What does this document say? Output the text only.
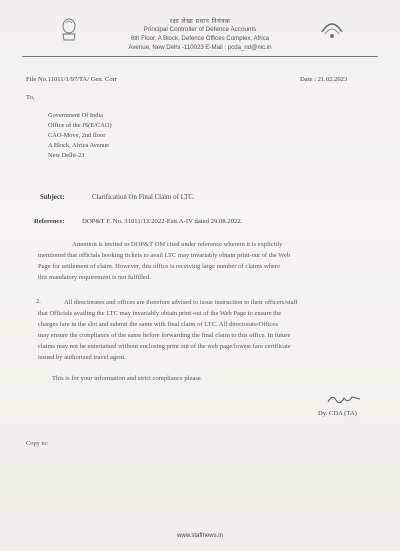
रक्षा लेखा प्रधान नियंत्रक
Principal Controller of Defence Accounts
6th Floor, A Block, Defence Offices Complex, Africa
Avenue, New Delhi -110023 E-Mail : pcda_nd@nic.in
File No.11011/1/97/TA/ Gen. Corr	Date : 21.02.2023
To,
Government Of India
Office of the JS(E/CAO)
CAO-Move, 2nd floor
A Block, Africa Avenue
New Delhi-23
Subject:	Clarification On Final Claim of LTC.
Reference:	DOP&T F. No. 31011/13/2022-Estt.A-IV dated 29.08.2022.
Attention is invited to DOP&T OM cited under reference wherein it is explicitly
mentioned that officials booking tickets to avail LTC may invariably obtain print-out of the Web
Page for settlement of claim. However, this office is receiving large number of claims where
this mandatory requirement is not fulfilled.
2.	All directorates and offices are therefore advised to issue instruction to their officers/staff
that Officials availing the LTC may invariably obtain print-out of the Web Page to ensure the
charges fare in the slot and submit the same with final claim of LTC. All directorate/Offices
may ensure the compliance of the same before forwarding the final claim to this office. In future
claims may not be entertained without enclosing print out of the web page/lowest fare certificate
issued by authorized travel agent.
This is for your information and strict compliance please.
Dy. CDA (TA)
Copy to:
www.staffnews.in
